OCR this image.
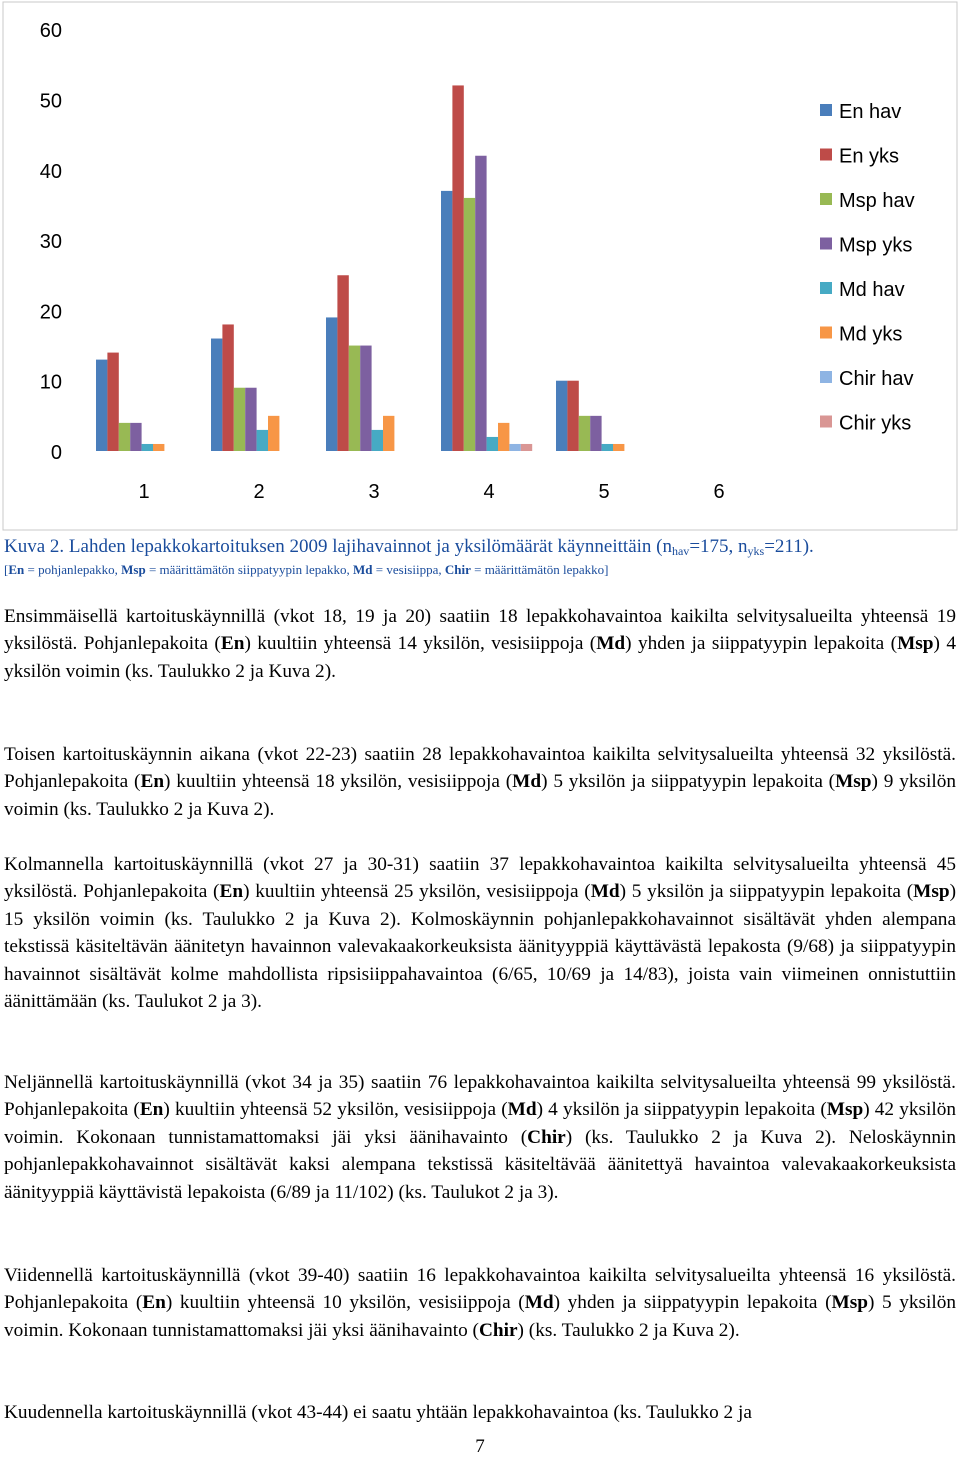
0
10
20
30
40
50
60
1	2	3	4	5	6
En hav
En yks
Msp hav
Msp yks
Md hav
Md yks
Chir hav
Chir yks
Kuva 2. Lahden lepakkokartoituksen 2009 lajihavainnot ja yksilömäärät käynneittäin ($n_{hav}=175$, $n_{yks}=211$).
[En = pohjanlepakko, Msp = määrittämätön siippatyypin lepakko, Md = vesisiippa, Chir = määrittämätön lepakko]

Ensimmäisellä kartoituskäynnillä (vkot 18, 19 ja 20) saatiin 18 lepakkohavaintoa kaikilta selvitysalueilta yhteensä 19 yksilöstä. Pohjanlepakoita (En) kuultiin yhteensä 14 yksilön, vesisiippoja (Md) yhden ja siippatyypin lepakoita (Msp) 4 yksilön voimin (ks. Taulukko 2 ja Kuva 2).

Toisen kartoituskäynnin aikana (vkot 22-23) saatiin 28 lepakkohavaintoa kaikilta selvitysalueilta yhteensä 32 yksilöstä. Pohjanlepakoita (En) kuultiin yhteensä 18 yksilön, vesisiippoja (Md) 5 yksilön ja siippatyypin lepakoita (Msp) 9 yksilön voimin (ks. Taulukko 2 ja Kuva 2).

Kolmannella kartoituskäynnillä (vkot 27 ja 30-31) saatiin 37 lepakkohavaintoa kaikilta selvitysalueilta yhteensä 45 yksilöstä. Pohjanlepakoita (En) kuultiin yhteensä 25 yksilön, vesisiippoja (Md) 5 yksilön ja siippatyypin lepakoita (Msp) 15 yksilön voimin (ks. Taulukko 2 ja Kuva 2). Kolmoskäynnin pohjanlepakkohavainnot sisältävät yhden alempana tekstissä käsiteltävän äänitetyn havainnon valevakaakorkeuksista äänityyppiä käyttävästä lepakosta (9/68) ja siippatyypin havainnot sisältävät kolme mahdollista ripsisiippahavaintoa (6/65, 10/69 ja 14/83), joista vain viimeinen onnistuttiin äänittämään (ks. Taulukot 2 ja 3).

Neljännellä kartoituskäynnillä (vkot 34 ja 35) saatiin 76 lepakkohavaintoa kaikilta selvitysalueilta yhteensä 99 yksilöstä. Pohjanlepakoita (En) kuultiin yhteensä 52 yksilön, vesisiippoja (Md) 4 yksilön ja siippatyypin lepakoita (Msp) 42 yksilön voimin. Kokonaan tunnistamattomaksi jäi yksi äänihavainto (Chir) (ks. Taulukko 2 ja Kuva 2). Neloskäynnin pohjanlepakkohavainnot sisältävät kaksi alempana tekstissä käsiteltävää äänitettyä havaintoa valevakaakorkeuksista äänityyppiä käyttävistä lepakoista (6/89 ja 11/102) (ks. Taulukot 2 ja 3).

Viidennellä kartoituskäynnillä (vkot 39-40) saatiin 16 lepakkohavaintoa kaikilta selvitysalueilta yhteensä 16 yksilöstä. Pohjanlepakoita (En) kuultiin yhteensä 10 yksilön, vesisiippoja (Md) yhden ja siippatyypin lepakoita (Msp) 5 yksilön voimin. Kokonaan tunnistamattomaksi jäi yksi äänihavainto (Chir) (ks. Taulukko 2 ja Kuva 2).

Kuudennella kartoituskäynnillä (vkot 43-44) ei saatu yhtään lepakkohavaintoa (ks. Taulukko 2 ja

7
